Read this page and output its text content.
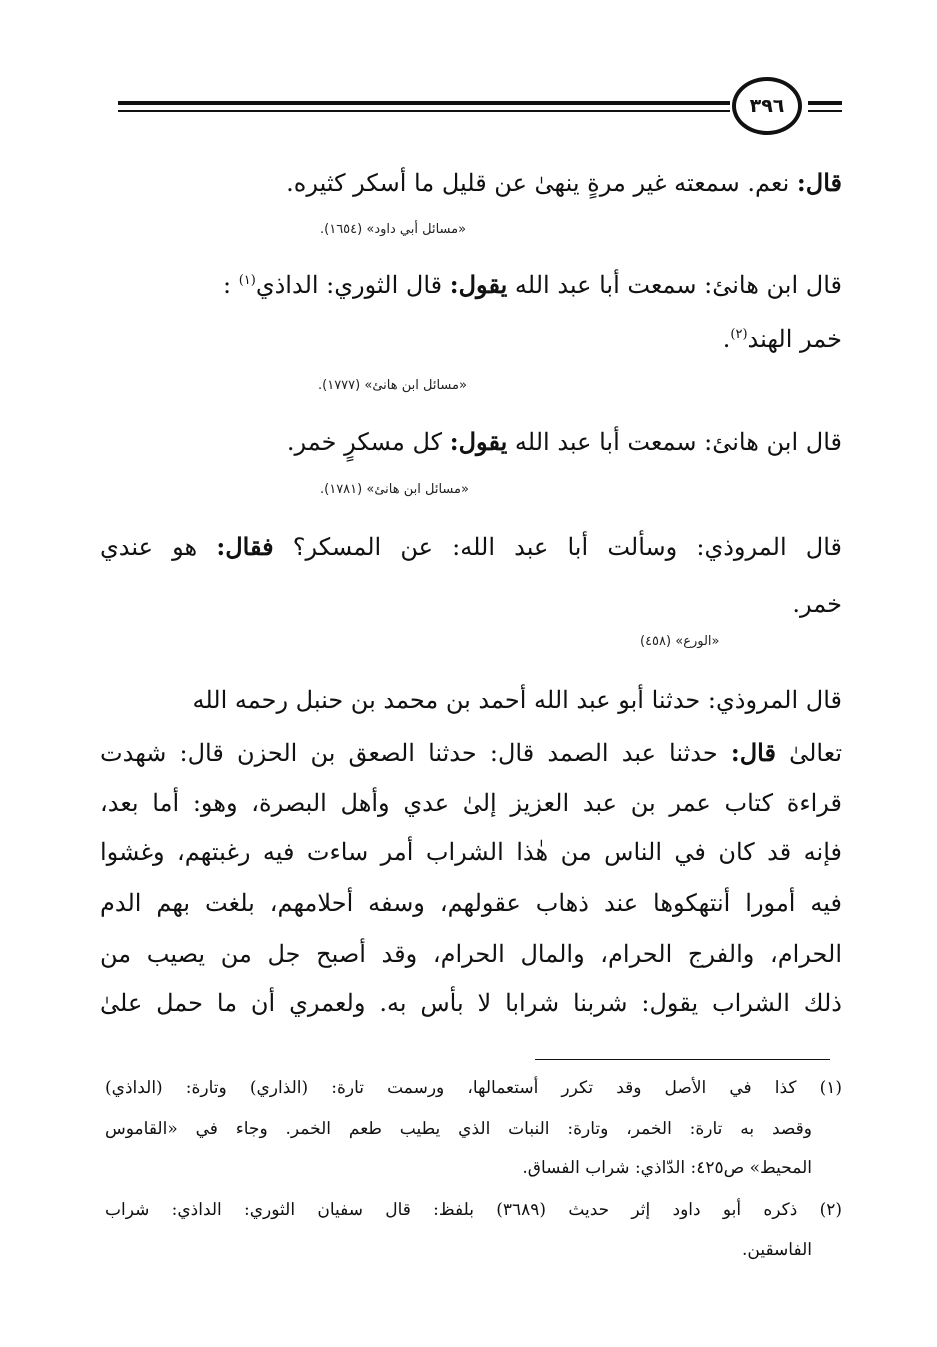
٣٩٦
قال: نعم. سمعته غير مرةٍ ينهىٰ عن قليل ما أسكر كثيره.
«مسائل أبي داود» (١٦٥٤).
قال ابن هانئ: سمعت أبا عبد الله يقول: قال الثوري: الداذي$^{(١)}$ :
خمر الهند$^{(٢)}$.
«مسائل ابن هانئ» (١٧٧٧).
قال ابن هانئ: سمعت أبا عبد الله يقول: كل مسكرٍ خمر.
«مسائل ابن هانئ» (١٧٨١).
قال المروذي: وسألت أبا عبد الله: عن المسكر؟ فقال: هو عندي
خمر.
«الورع» (٤٥٨)
قال المروذي: حدثنا أبو عبد الله أحمد بن محمد بن حنبل رحمه الله
تعالىٰ قال: حدثنا عبد الصمد قال: حدثنا الصعق بن الحزن قال: شهدت
قراءة كتاب عمر بن عبد العزيز إلىٰ عدي وأهل البصرة، وهو: أما بعد،
فإنه قد كان في الناس من هٰذا الشراب أمر ساءت فيه رغبتهم، وغشوا
فيه أمورا أنتهكوها عند ذهاب عقولهم، وسفه أحلامهم، بلغت بهم الدم
الحرام، والفرج الحرام، والمال الحرام، وقد أصبح جل من يصيب من
ذلك الشراب يقول: شربنا شرابا لا بأس به. ولعمري أن ما حمل علىٰ
(١) كذا في الأصل وقد تكرر أستعمالها، ورسمت تارة: (الذاري) وتارة: (الداذي)
وقصد به تارة: الخمر، وتارة: النبات الذي يطيب طعم الخمر. وجاء في «القاموس
المحيط» ص٤٢٥: الدّاذي: شراب الفساق.
(٢) ذكره أبو داود إثر حديث (٣٦٨٩) بلفظ: قال سفيان الثوري: الداذي: شراب
الفاسقين.
